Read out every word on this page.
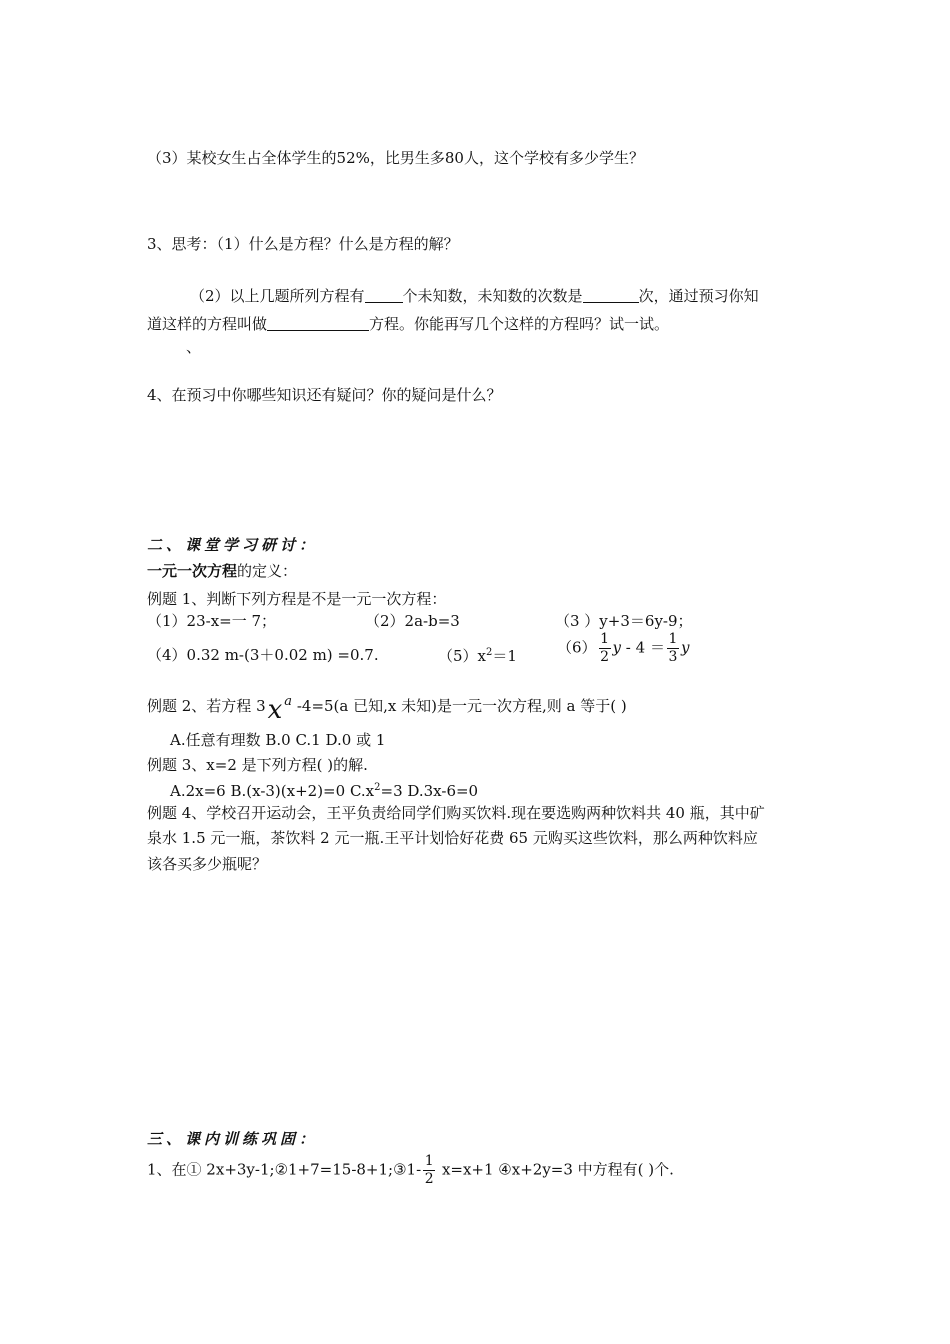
（3）某校女生占全体学生的52%，比男生多80人，这个学校有多少学生？
3、思考：（1）什么是方程？什么是方程的解？
（2）以上几题所列方程有	个未知数，未知数的次数是	次，通过预习你知
道这样的方程叫做	方程。你能再写几个这样的方程吗？试一试。
、
4、在预习中你哪些知识还有疑问？你的疑问是什么？
二、课堂学习研讨：
一元一次方程的定义：
例题 1、判断下列方程是不是一元一次方程：
（1）23-x=一 7；	（2）2a-b=3	（3 ）y+3＝6y-9；
（4）0.32 m-(3＋0.02 m) =0.7.	$(5)x^2=1$	$(6) \frac{1}{2}$ $y - 4 = \frac{1}{3}$ y
例题 2、若方程 3x a -4=5(a 已知,x 未知)是一元一次方程,则 a 等于( )
A.任意有理数 B.0 C.1 D.0 或 1
例题 3、x=2 是下列方程( )的解.
A.2x=6 B.(x-3)(x+2)=0 $C.x^2=3$ D.3x-6=0
例题 4、学校召开运动会，王平负责给同学们购买饮料.现在要选购两种饮料共 40 瓶，其中矿
泉水 1.5 元一瓶，茶饮料 2 元一瓶.王平计划恰好花费 65 元购买这些饮料，那么两种饮料应
该各买多少瓶呢？
三、课内训练巩固：
1、在① 2x+3y-1;②1+7=15-8+1;③1- $\frac{1}{2} x=x+1$ ④x+2y=3 中方程有( )个.
